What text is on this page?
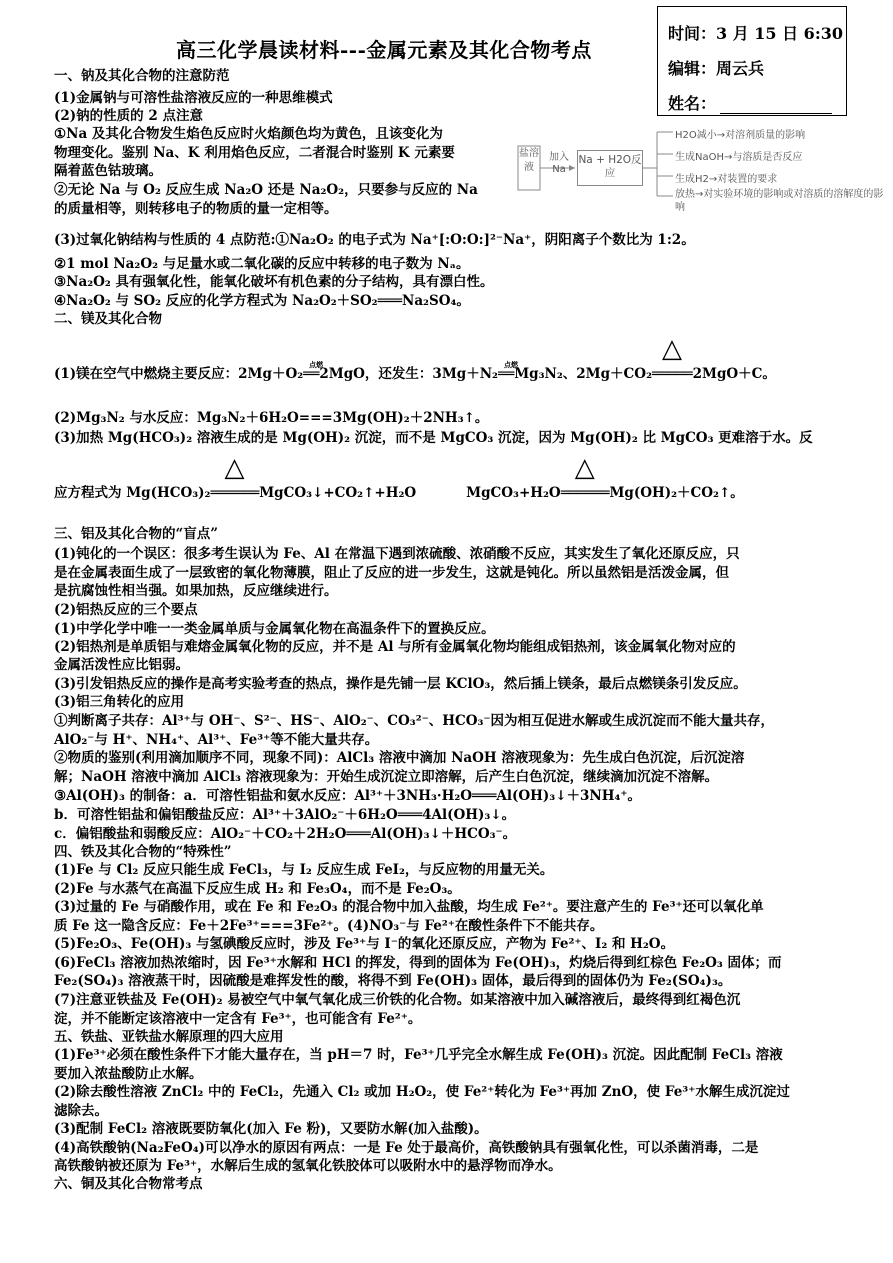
高三化学晨读材料---金属元素及其化合物考点
时间：3 月 15 日 6:30
编辑：周云兵
姓名：
盐溶液
加入Na
Na + H2O反应
H2O减小→对溶剂质量的影响
生成NaOH→与溶质是否反应
生成H2→对装置的要求
放热→对实验环境的影响或对溶质的溶解度的影响
一、钠及其化合物的注意防范
(1)金属钠与可溶性盐溶液反应的一种思维模式
(2)钠的性质的 2 点注意
①Na 及其化合物发生焰色反应时火焰颜色均为黄色，且该变化为
物理变化。鉴别 Na、K 利用焰色反应，二者混合时鉴别 K 元素要
隔着蓝色钴玻璃。
②无论 Na 与 O₂ 反应生成 Na₂O 还是 Na₂O₂，只要参与反应的 Na
的质量相等，则转移电子的物质的量一定相等。
(3)过氧化钠结构与性质的 4 点防范:①Na₂O₂ 的电子式为 Na⁺[:O:O:]²⁻Na⁺，阴阳离子个数比为 1:2。
②1 mol Na₂O₂ 与足量水或二氧化碳的反应中转移的电子数为 Nₐ。
③Na₂O₂ 具有强氧化性，能氧化破坏有机色素的分子结构，具有漂白性。
④Na₂O₂ 与 SO₂ 反应的化学方程式为 Na₂O₂＋SO₂═══Na₂SO₄。
二、镁及其化合物
(1)镁在空气中燃烧主要反应：2Mg＋O₂
点燃
══2MgO，还发生：3Mg＋N₂
点燃
══Mg₃N₂、2Mg＋CO₂
△
═════2MgO＋C。
(2)Mg₃N₂ 与水反应：Mg₃N₂＋6H₂O===3Mg(OH)₂＋2NH₃↑。
(3)加热 Mg(HCO₃)₂ 溶液生成的是 Mg(OH)₂ 沉淀，而不是 MgCO₃ 沉淀，因为 Mg(OH)₂ 比 MgCO₃ 更难溶于水。反
应方程式为 Mg(HCO₃)₂
△
══════MgCO₃↓+CO₂↑+H₂O	MgCO₃+H₂O
△
══════Mg(OH)₂＋CO₂↑。
三、铝及其化合物的“盲点”
(1)钝化的一个误区：很多考生误认为 Fe、Al 在常温下遇到浓硫酸、浓硝酸不反应，其实发生了氧化还原反应，只
是在金属表面生成了一层致密的氧化物薄膜，阻止了反应的进一步发生，这就是钝化。所以虽然铝是活泼金属，但
是抗腐蚀性相当强。如果加热，反应继续进行。
(2)铝热反应的三个要点
(1)中学化学中唯一一类金属单质与金属氧化物在高温条件下的置换反应。
(2)铝热剂是单质铝与难熔金属氧化物的反应，并不是 Al 与所有金属氧化物均能组成铝热剂，该金属氧化物对应的
金属活泼性应比铝弱。
(3)引发铝热反应的操作是高考实验考查的热点，操作是先铺一层 KClO₃，然后插上镁条，最后点燃镁条引发反应。
(3)铝三角转化的应用
①判断离子共存：Al³⁺与 OH⁻、S²⁻、HS⁻、AlO₂⁻、CO₃²⁻、HCO₃⁻因为相互促进水解或生成沉淀而不能大量共存，
AlO₂⁻与 H⁺、NH₄⁺、Al³⁺、Fe³⁺等不能大量共存。
②物质的鉴别(利用滴加顺序不同，现象不同)：AlCl₃ 溶液中滴加 NaOH 溶液现象为：先生成白色沉淀，后沉淀溶
解；NaOH 溶液中滴加 AlCl₃ 溶液现象为：开始生成沉淀立即溶解，后产生白色沉淀，继续滴加沉淀不溶解。
③Al(OH)₃ 的制备：a．可溶性铝盐和氨水反应：Al³⁺＋3NH₃·H₂O═══Al(OH)₃↓＋3NH₄⁺。
b．可溶性铝盐和偏铝酸盐反应：Al³⁺＋3AlO₂⁻＋6H₂O═══4Al(OH)₃↓。
c．偏铝酸盐和弱酸反应：AlO₂⁻＋CO₂＋2H₂O═══Al(OH)₃↓＋HCO₃⁻。
四、铁及其化合物的“特殊性”
(1)Fe 与 Cl₂ 反应只能生成 FeCl₃，与 I₂ 反应生成 FeI₂，与反应物的用量无关。
(2)Fe 与水蒸气在高温下反应生成 H₂ 和 Fe₃O₄，而不是 Fe₂O₃。
(3)过量的 Fe 与硝酸作用，或在 Fe 和 Fe₂O₃ 的混合物中加入盐酸，均生成 Fe²⁺。要注意产生的 Fe³⁺还可以氧化单
质 Fe 这一隐含反应：Fe＋2Fe³⁺===3Fe²⁺。(4)NO₃⁻与 Fe²⁺在酸性条件下不能共存。
(5)Fe₂O₃、Fe(OH)₃ 与氢碘酸反应时，涉及 Fe³⁺与 I⁻的氧化还原反应，产物为 Fe²⁺、I₂ 和 H₂O。
(6)FeCl₃ 溶液加热浓缩时，因 Fe³⁺水解和 HCl 的挥发，得到的固体为 Fe(OH)₃，灼烧后得到红棕色 Fe₂O₃ 固体；而
Fe₂(SO₄)₃ 溶液蒸干时，因硫酸是难挥发性的酸，将得不到 Fe(OH)₃ 固体，最后得到的固体仍为 Fe₂(SO₄)₃。
(7)注意亚铁盐及 Fe(OH)₂ 易被空气中氧气氧化成三价铁的化合物。如某溶液中加入碱溶液后，最终得到红褐色沉
淀，并不能断定该溶液中一定含有 Fe³⁺，也可能含有 Fe²⁺。
五、铁盐、亚铁盐水解原理的四大应用
(1)Fe³⁺必须在酸性条件下才能大量存在，当 pH＝7 时，Fe³⁺几乎完全水解生成 Fe(OH)₃ 沉淀。因此配制 FeCl₃ 溶液
要加入浓盐酸防止水解。
(2)除去酸性溶液 ZnCl₂ 中的 FeCl₂，先通入 Cl₂ 或加 H₂O₂，使 Fe²⁺转化为 Fe³⁺再加 ZnO，使 Fe³⁺水解生成沉淀过
滤除去。
(3)配制 FeCl₂ 溶液既要防氧化(加入 Fe 粉)，又要防水解(加入盐酸)。
(4)高铁酸钠(Na₂FeO₄)可以净水的原因有两点：一是 Fe 处于最高价，高铁酸钠具有强氧化性，可以杀菌消毒，二是
高铁酸钠被还原为 Fe³⁺，水解后生成的氢氧化铁胶体可以吸附水中的悬浮物而净水。
六、铜及其化合物常考点
